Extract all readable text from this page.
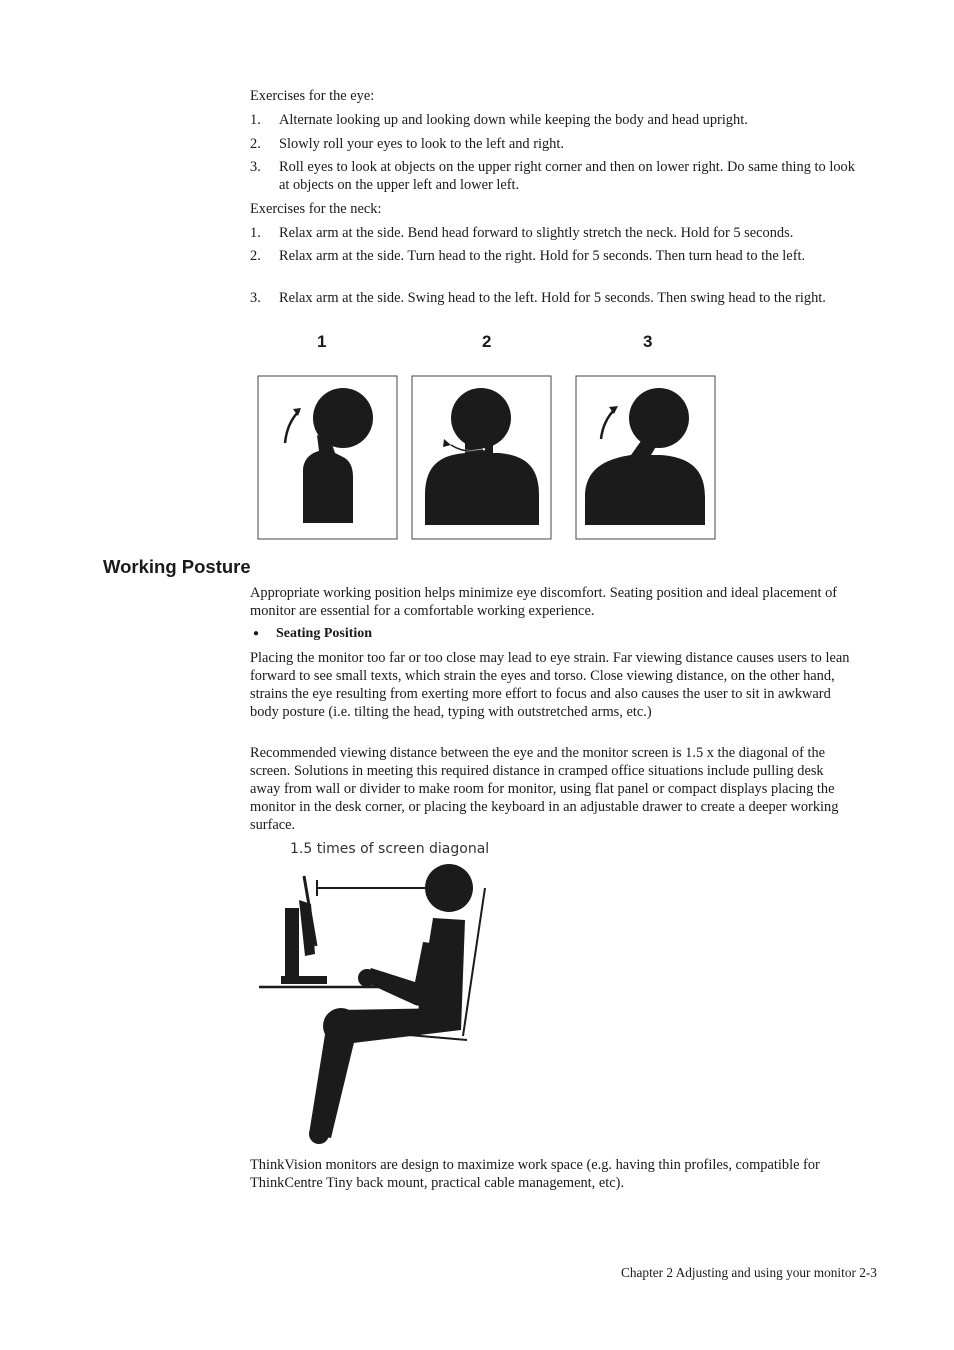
Exercises for the eye:

1. Alternate looking up and looking down while keeping the body and head upright.
2. Slowly roll your eyes to look to the left and right.
3. Roll eyes to look at objects on the upper right corner and then on lower right. Do same thing to look at objects on the upper left and lower left.

Exercises for the neck:

1. Relax arm at the side. Bend head forward to slightly stretch the neck. Hold for 5 seconds.
2. Relax arm at the side. Turn head to the right. Hold for 5 seconds. Then turn head to the left.
3. Relax arm at the side. Swing head to the left. Hold for 5 seconds. Then swing head to the right.
1	2	3
Working Posture

Appropriate working position helps minimize eye discomfort. Seating position and ideal placement of monitor are essential for a comfortable working experience.

● Seating Position

Placing the monitor too far or too close may lead to eye strain. Far viewing distance causes users to lean forward to see small texts, which strain the eyes and torso. Close viewing distance, on the other hand, strains the eye resulting from exerting more effort to focus and also causes the user to sit in awkward body posture (i.e. tilting the head, typing with outstretched arms, etc.)

Recommended viewing distance between the eye and the monitor screen is 1.5 x the diagonal of the screen. Solutions in meeting this required distance in cramped office situations include pulling desk away from wall or divider to make room for monitor, using flat panel or compact displays placing the monitor in the desk corner, or placing the keyboard in an adjustable drawer to create a deeper working surface.

1.5 times of screen diagonal

ThinkVision monitors are design to maximize work space (e.g. having thin profiles, compatible for ThinkCentre Tiny back mount, practical cable management, etc).

Chapter 2 Adjusting and using your monitor 2-3
